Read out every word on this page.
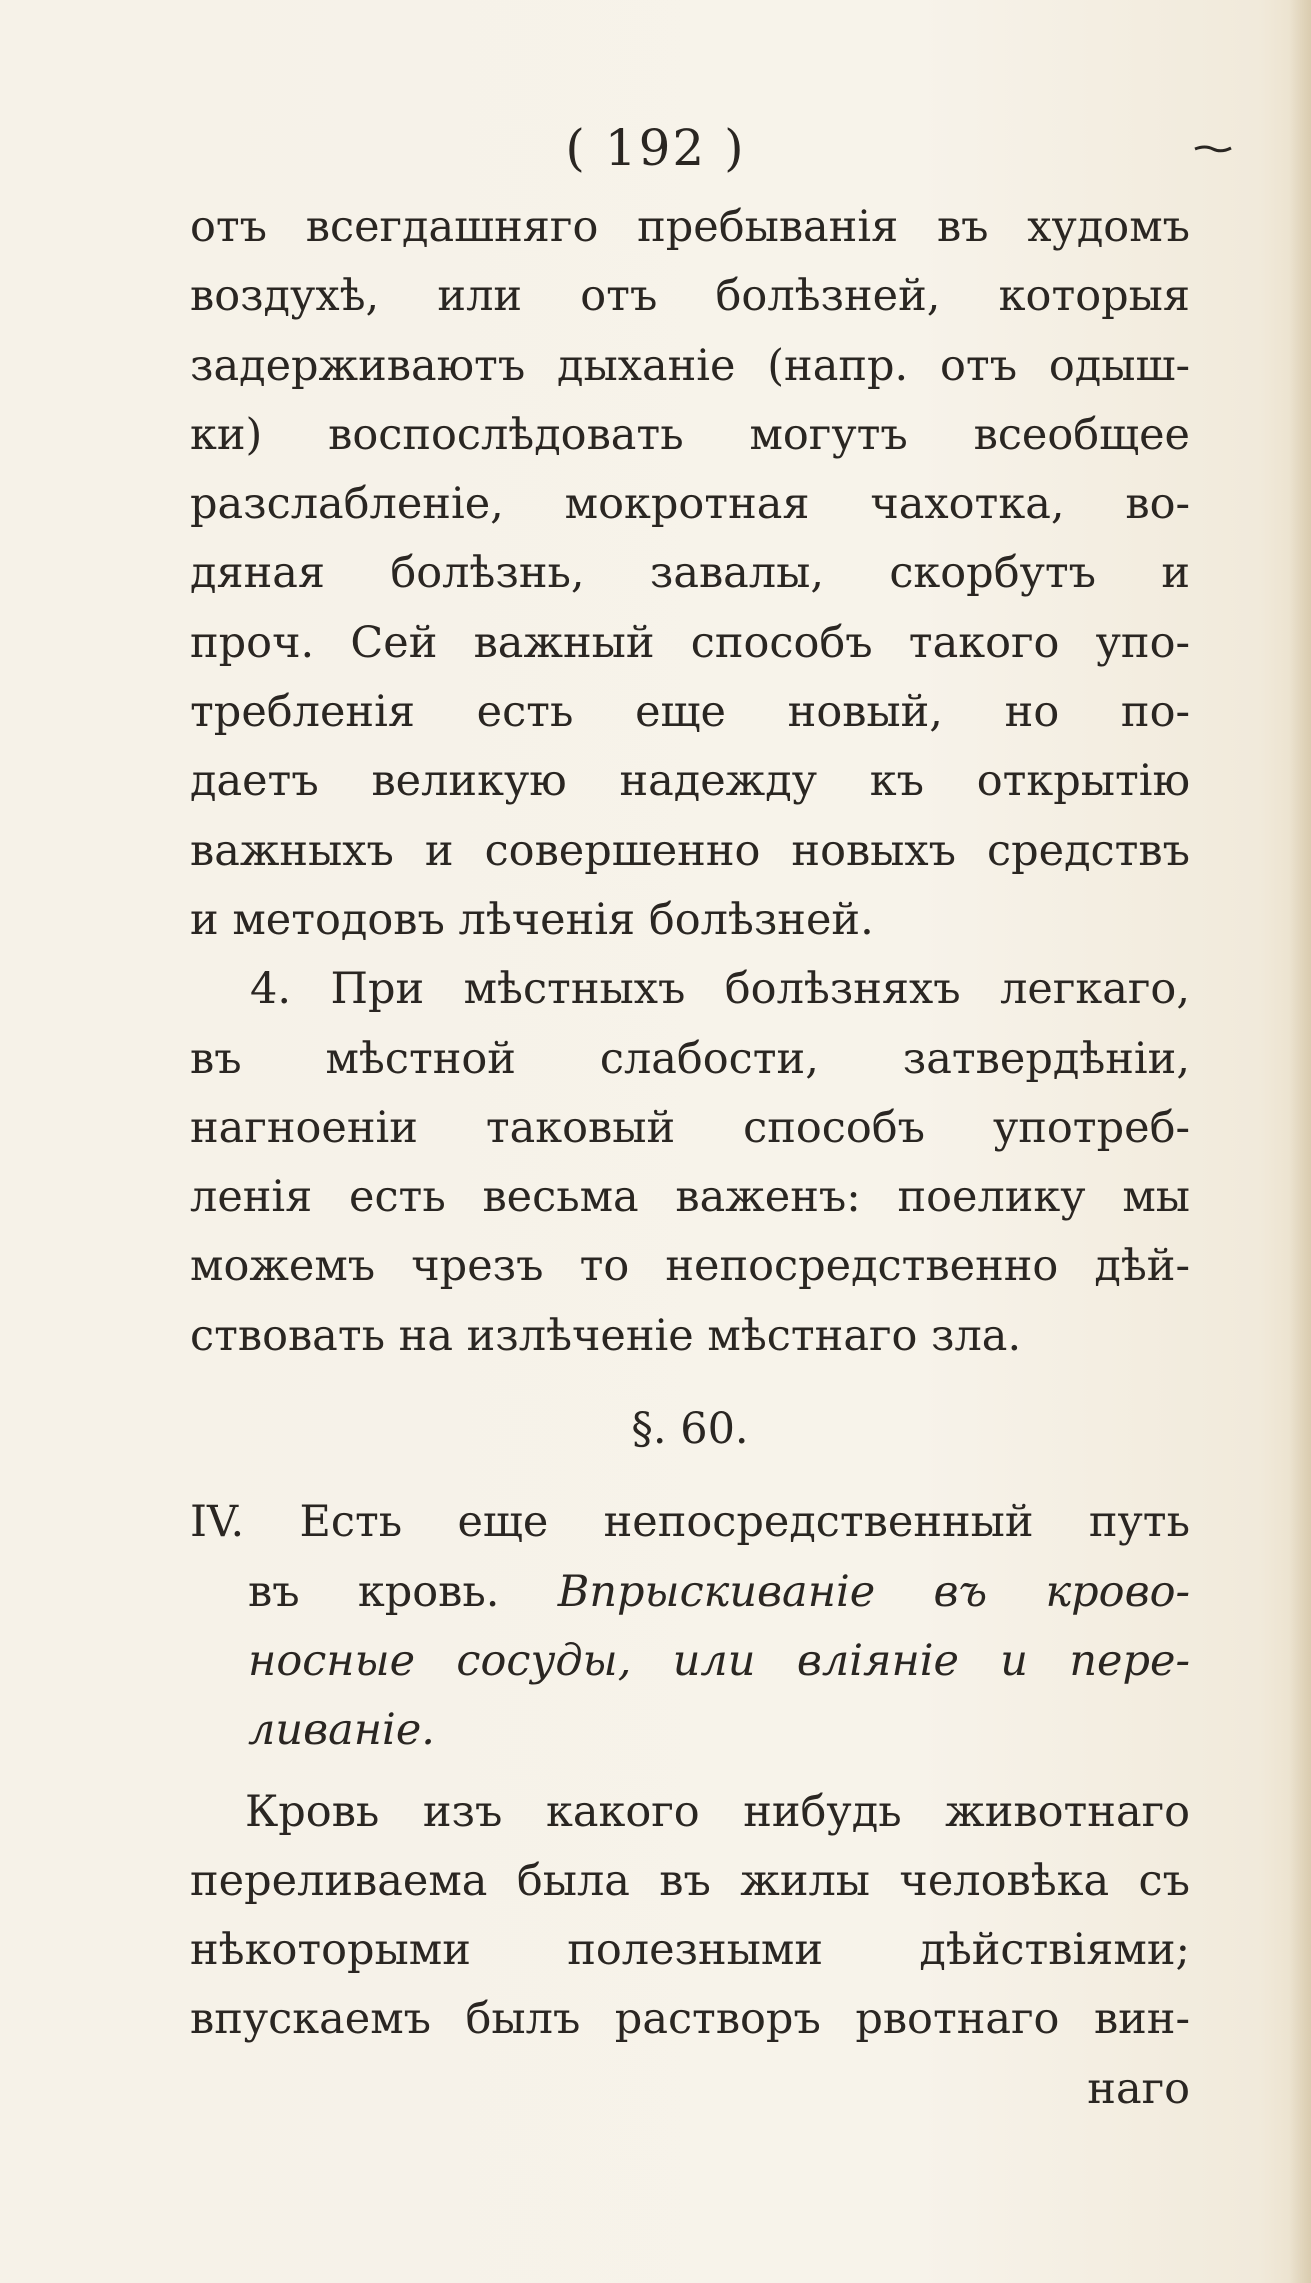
( 192 )
отъ всегдашняго пребыванія въ худомъ
воздухѣ, или отъ болѣзней, которыя
задерживаютъ дыханіе (напр. отъ одыш-
ки) воспослѣдовать могутъ всеобщее
разслабленіе, мокротная чахотка, во-
дяная болѣзнь, завалы, скорбутъ и
проч. Сей важный способъ такого упо-
требленія есть еще новый, но по-
даетъ великую надежду къ открытію
важныхъ и совершенно новыхъ средствъ
и методовъ лѣченія болѣзней.
4. При мѣстныхъ болѣзняхъ легкаго,
въ мѣстной слабости, затвердѣніи,
нагноеніи таковый способъ употреб-
ленія есть весьма важенъ: поелику мы
можемъ чрезъ то непосредственно дѣй-
ствовать на излѣченіе мѣстнаго зла.
§. 60.
IV. Есть еще непосредственный путь
въ кровь. Впрыскиваніе въ крово-
носные сосуды, или вліяніе и пере-
ливаніе.
Кровь изъ какого нибудь животнаго
переливаема была въ жилы человѣка съ
нѣкоторыми полезными дѣйствіями;
впускаемъ былъ растворъ рвотнаго вин-
наго
